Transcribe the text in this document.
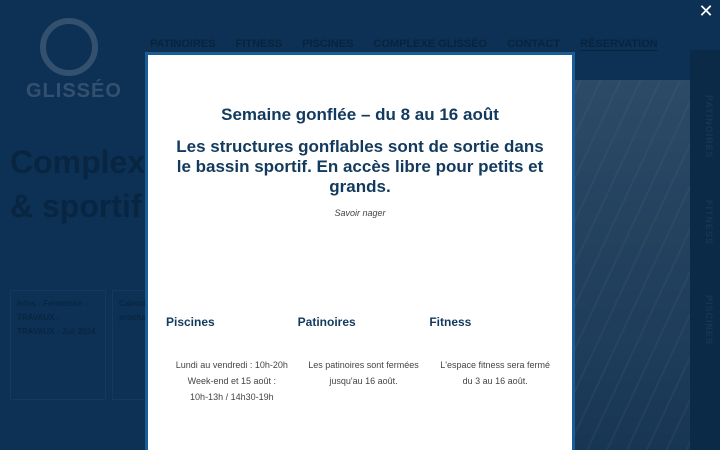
✕
Semaine gonflée – du 8 au 16 août
Les structures gonflables sont de sortie dans le bassin sportif. En accès libre pour petits et grands.
Savoir nager
Piscines
Lundi au vendredi : 10h-20h
Week-end et 15 août :
10h-13h / 14h30-19h
Patinoires
Les patinoires sont fermées jusqu'au 16 août.
Fitness
L'espace fitness sera fermé du 3 au 16 août.
